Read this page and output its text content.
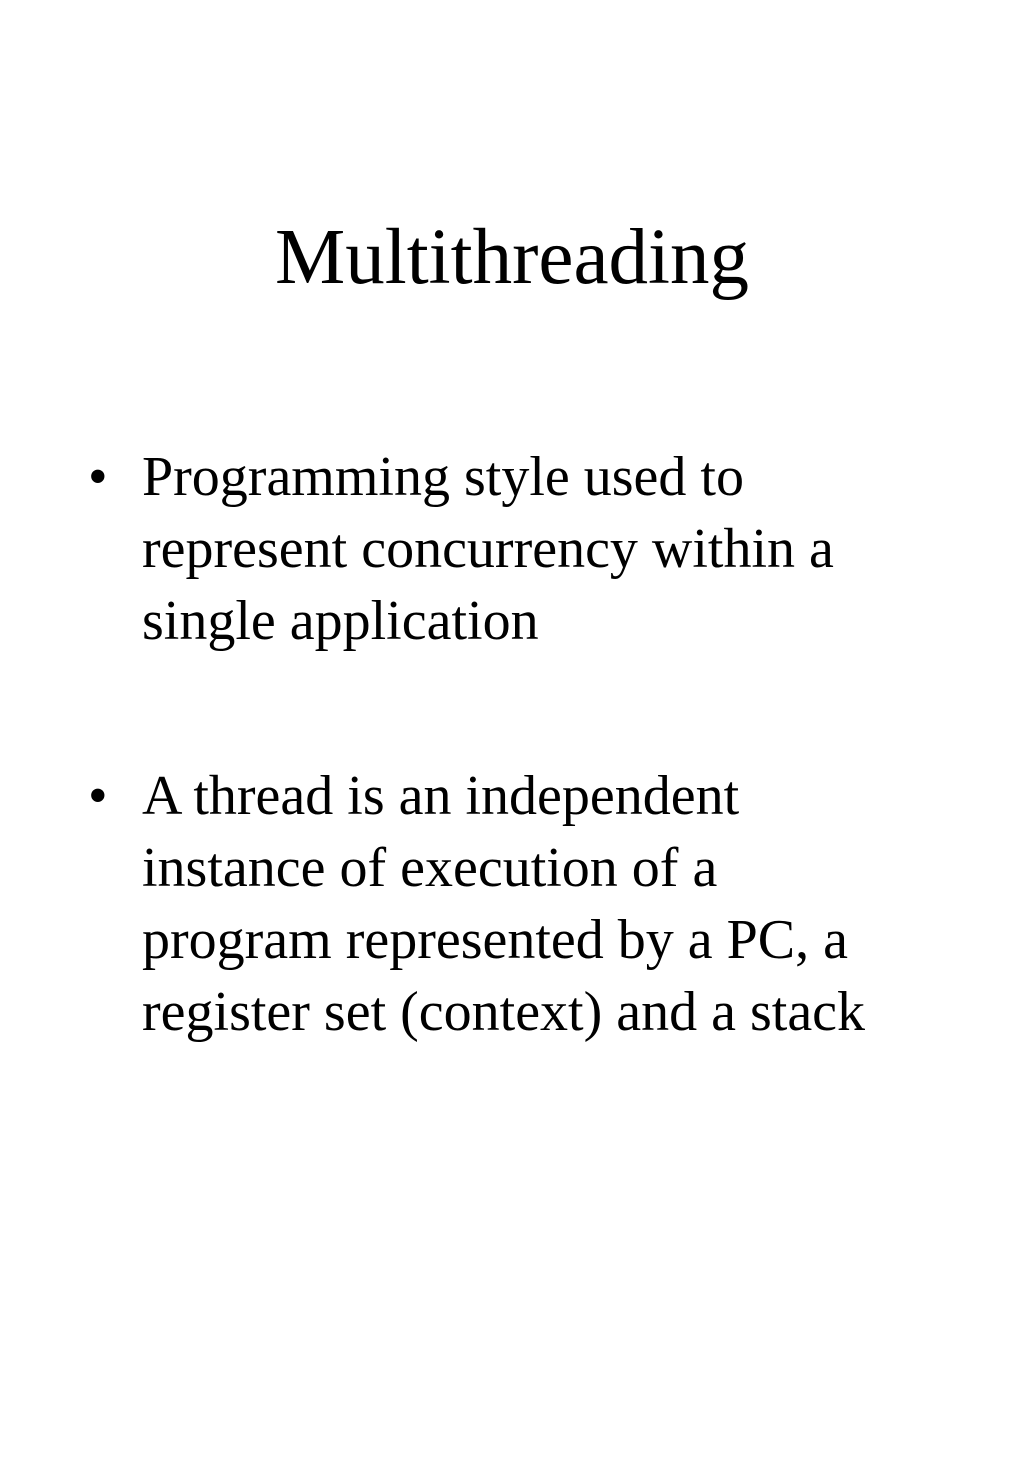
Multithreading
• Programming style used to
represent concurrency within a
single application
• A thread is an independent
instance of execution of a
program represented by a PC, a
register set (context) and a stack
